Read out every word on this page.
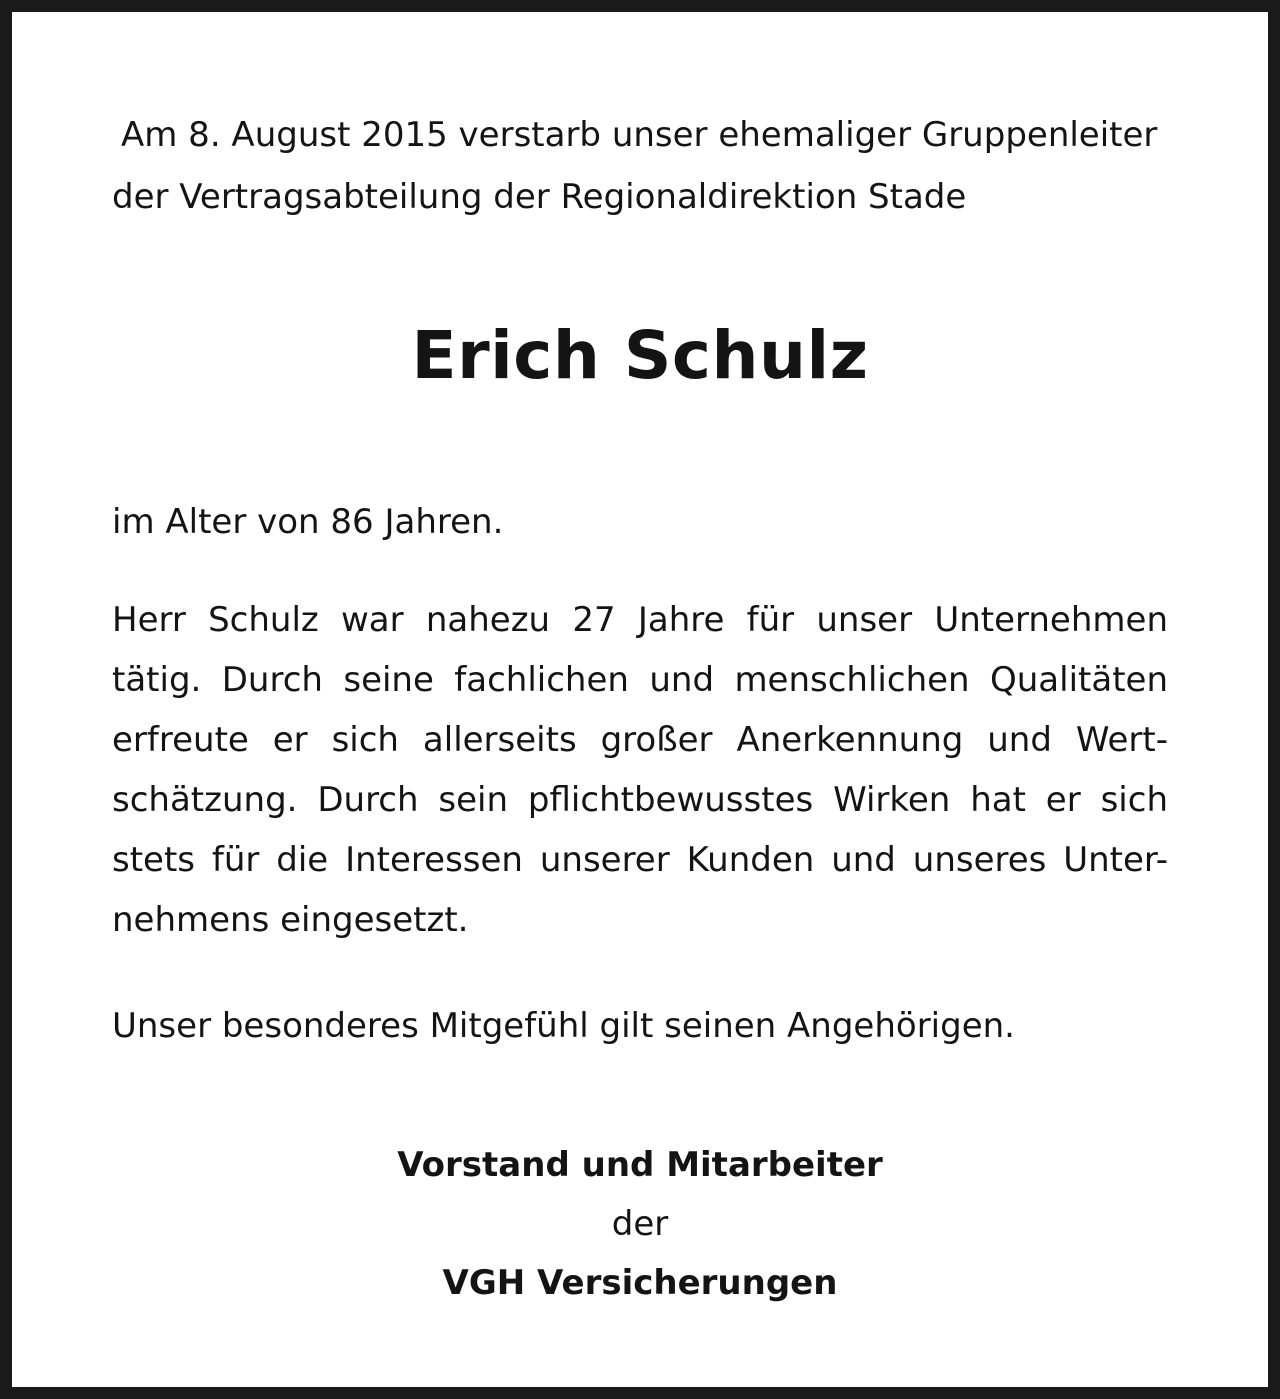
Am 8. August 2015 verstarb unser ehemaliger Gruppenleiter
der Vertragsabteilung der Regionaldirektion Stade
Erich Schulz
im Alter von 86 Jahren.
Herr Schulz war nahezu 27 Jahre für unser Unternehmen
tätig. Durch seine fachlichen und menschlichen Qualitäten
erfreute er sich allerseits großer Anerkennung und Wert-
schätzung. Durch sein pflichtbewusstes Wirken hat er sich
stets für die Interessen unserer Kunden und unseres Unter-
nehmens eingesetzt.
Unser besonderes Mitgefühl gilt seinen Angehörigen.
Vorstand und Mitarbeiter
der
VGH Versicherungen
